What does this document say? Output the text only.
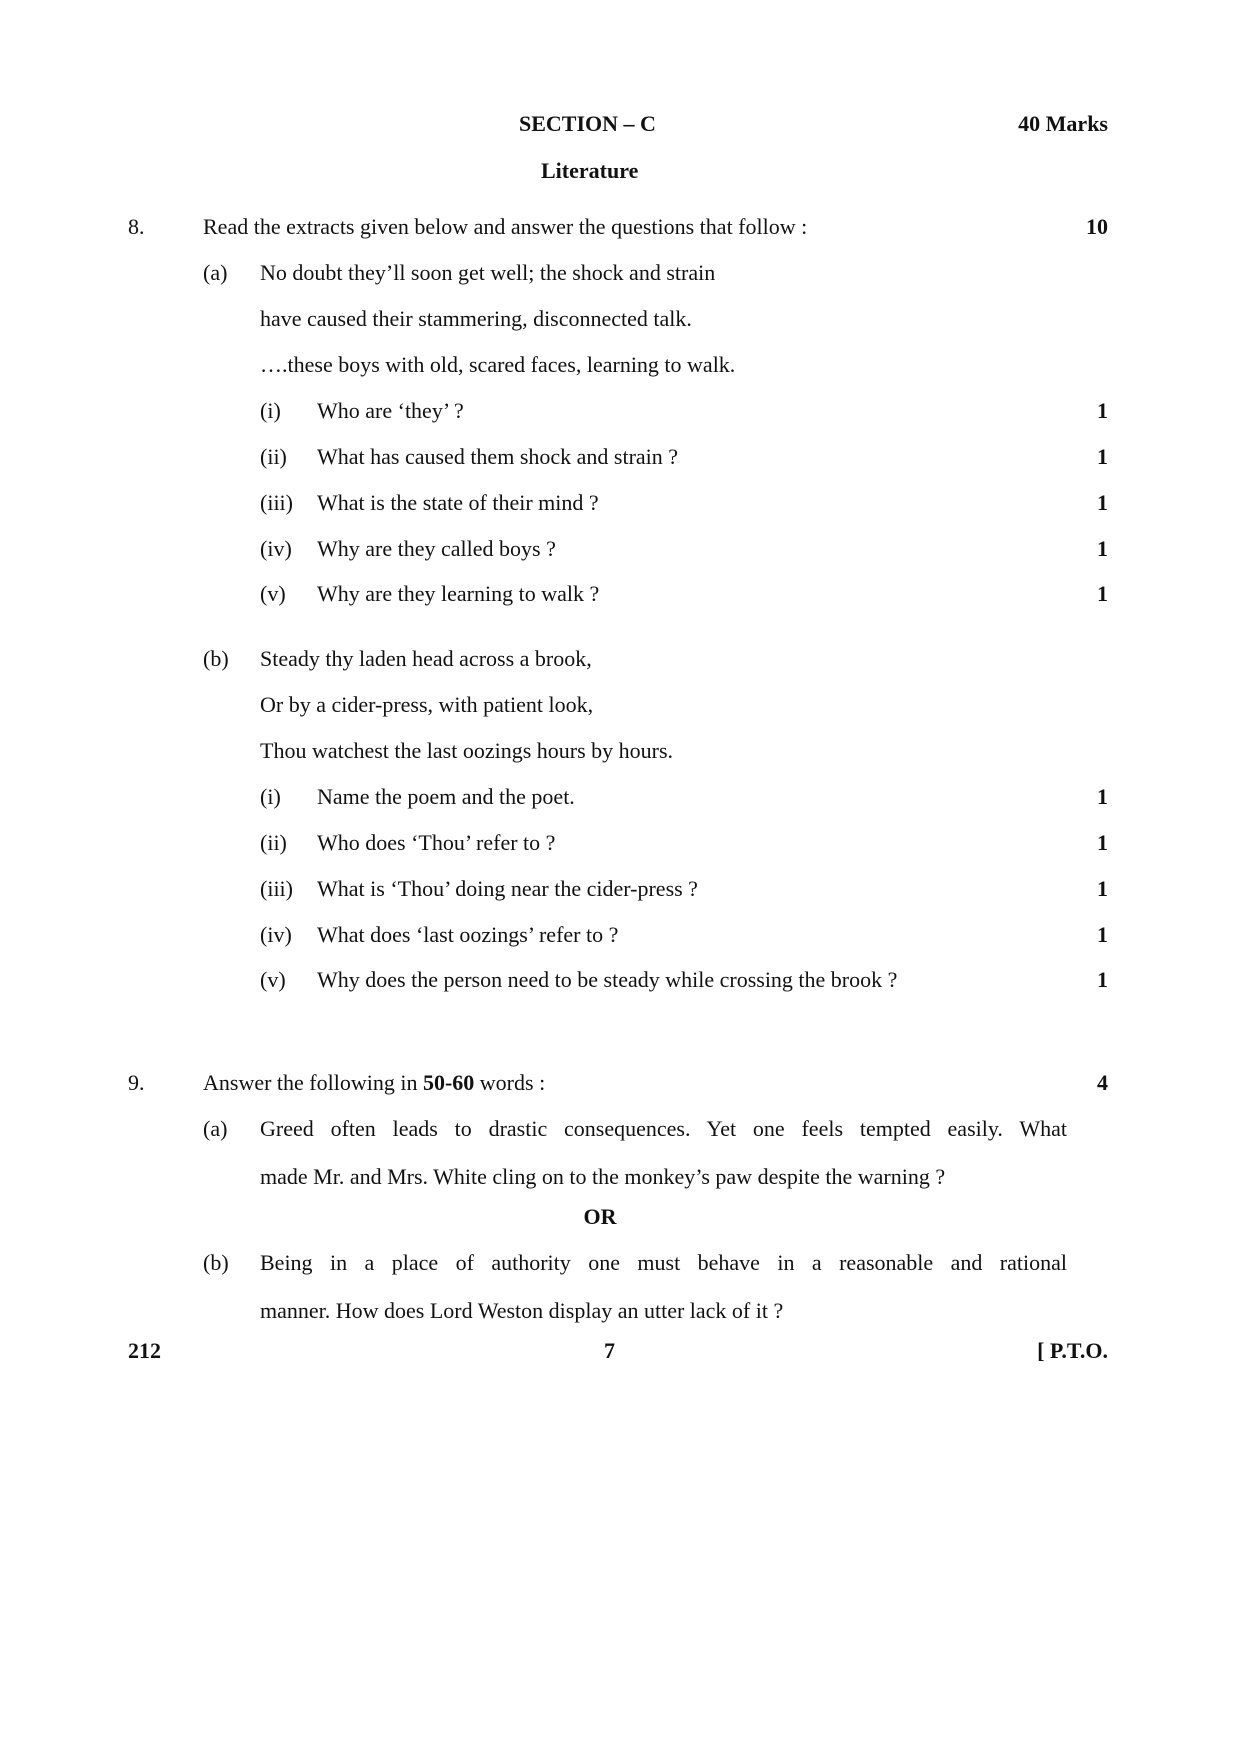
SECTION – C	40 Marks
Literature
8.	Read the extracts given below and answer the questions that follow :	10
(a) No doubt they’ll soon get well; the shock and strain
have caused their stammering, disconnected talk.
….these boys with old, scared faces, learning to walk.
(i) Who are ‘they’ ?	1
(ii) What has caused them shock and strain ?	1
(iii) What is the state of their mind ?	1
(iv) Why are they called boys ?	1
(v) Why are they learning to walk ?	1
(b) Steady thy laden head across a brook,
Or by a cider-press, with patient look,
Thou watchest the last oozings hours by hours.
(i) Name the poem and the poet.	1
(ii) Who does ‘Thou’ refer to ?	1
(iii) What is ‘Thou’ doing near the cider-press ?	1
(iv) What does ‘last oozings’ refer to ?	1
(v) Why does the person need to be steady while crossing the brook ?	1
9.	Answer the following in 50-60 words :	4
(a) Greed often leads to drastic consequences. Yet one feels tempted easily. What
made Mr. and Mrs. White cling on to the monkey’s paw despite the warning ?
OR
(b) Being in a place of authority one must behave in a reasonable and rational
manner. How does Lord Weston display an utter lack of it ?
212	7	[ P.T.O.
